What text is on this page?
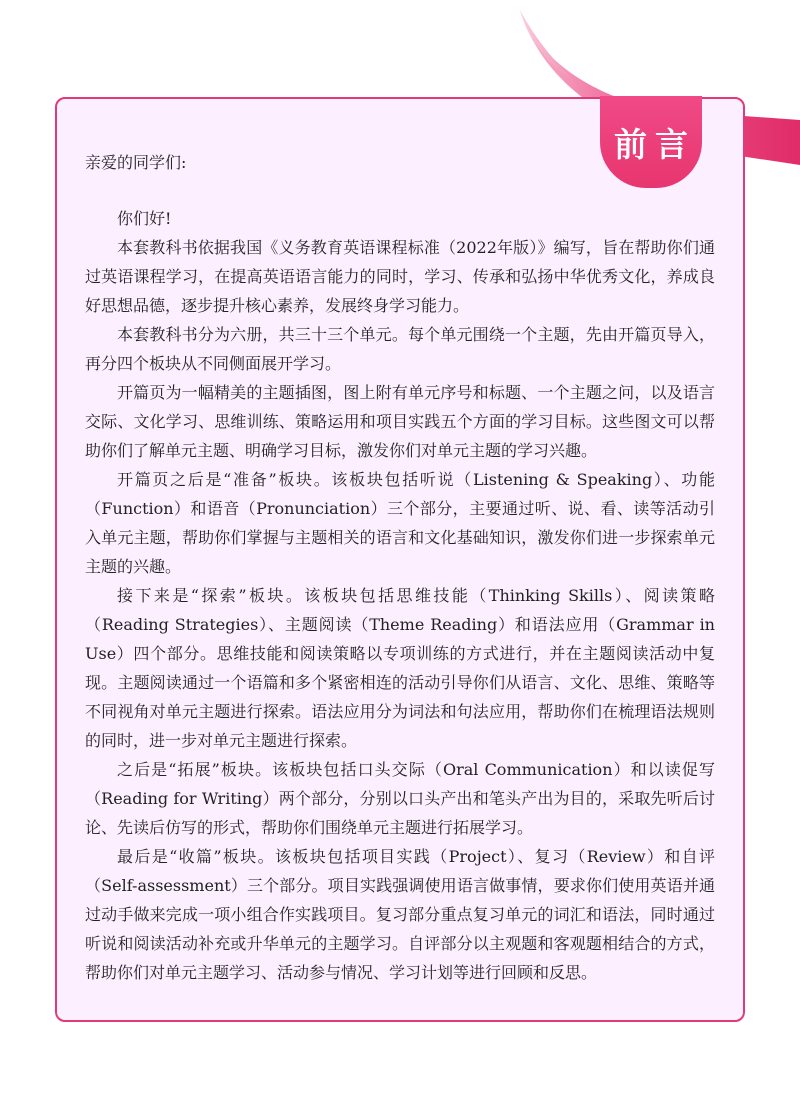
前言

亲爱的同学们:

你们好!

本套教科书依据我国《义务教育英语课程标准（2022年版）》编写，旨在帮助你们通过英语课程学习，在提高英语语言能力的同时，学习、传承和弘扬中华优秀文化，养成良好思想品德，逐步提升核心素养，发展终身学习能力。

本套教科书分为六册，共三十三个单元。每个单元围绕一个主题，先由开篇页导入，再分四个板块从不同侧面展开学习。

开篇页为一幅精美的主题插图，图上附有单元序号和标题、一个主题之问，以及语言交际、文化学习、思维训练、策略运用和项目实践五个方面的学习目标。这些图文可以帮助你们了解单元主题、明确学习目标，激发你们对单元主题的学习兴趣。

开篇页之后是“准备”板块。该板块包括听说（Listening & Speaking）、功能（Function）和语音（Pronunciation）三个部分，主要通过听、说、看、读等活动引入单元主题，帮助你们掌握与主题相关的语言和文化基础知识，激发你们进一步探索单元主题的兴趣。

接下来是“探索”板块。该板块包括思维技能（Thinking Skills）、阅读策略（Reading Strategies）、主题阅读（Theme Reading）和语法应用（Grammar in Use）四个部分。思维技能和阅读策略以专项训练的方式进行，并在主题阅读活动中复现。主题阅读通过一个语篇和多个紧密相连的活动引导你们从语言、文化、思维、策略等不同视角对单元主题进行探索。语法应用分为词法和句法应用，帮助你们在梳理语法规则的同时，进一步对单元主题进行探索。

之后是“拓展”板块。该板块包括口头交际（Oral Communication）和以读促写（Reading for Writing）两个部分，分别以口头产出和笔头产出为目的，采取先听后讨论、先读后仿写的形式，帮助你们围绕单元主题进行拓展学习。

最后是“收篇”板块。该板块包括项目实践（Project）、复习（Review）和自评（Self-assessment）三个部分。项目实践强调使用语言做事情，要求你们使用英语并通过动手做来完成一项小组合作实践项目。复习部分重点复习单元的词汇和语法，同时通过听说和阅读活动补充或升华单元的主题学习。自评部分以主观题和客观题相结合的方式，帮助你们对单元主题学习、活动参与情况、学习计划等进行回顾和反思。
